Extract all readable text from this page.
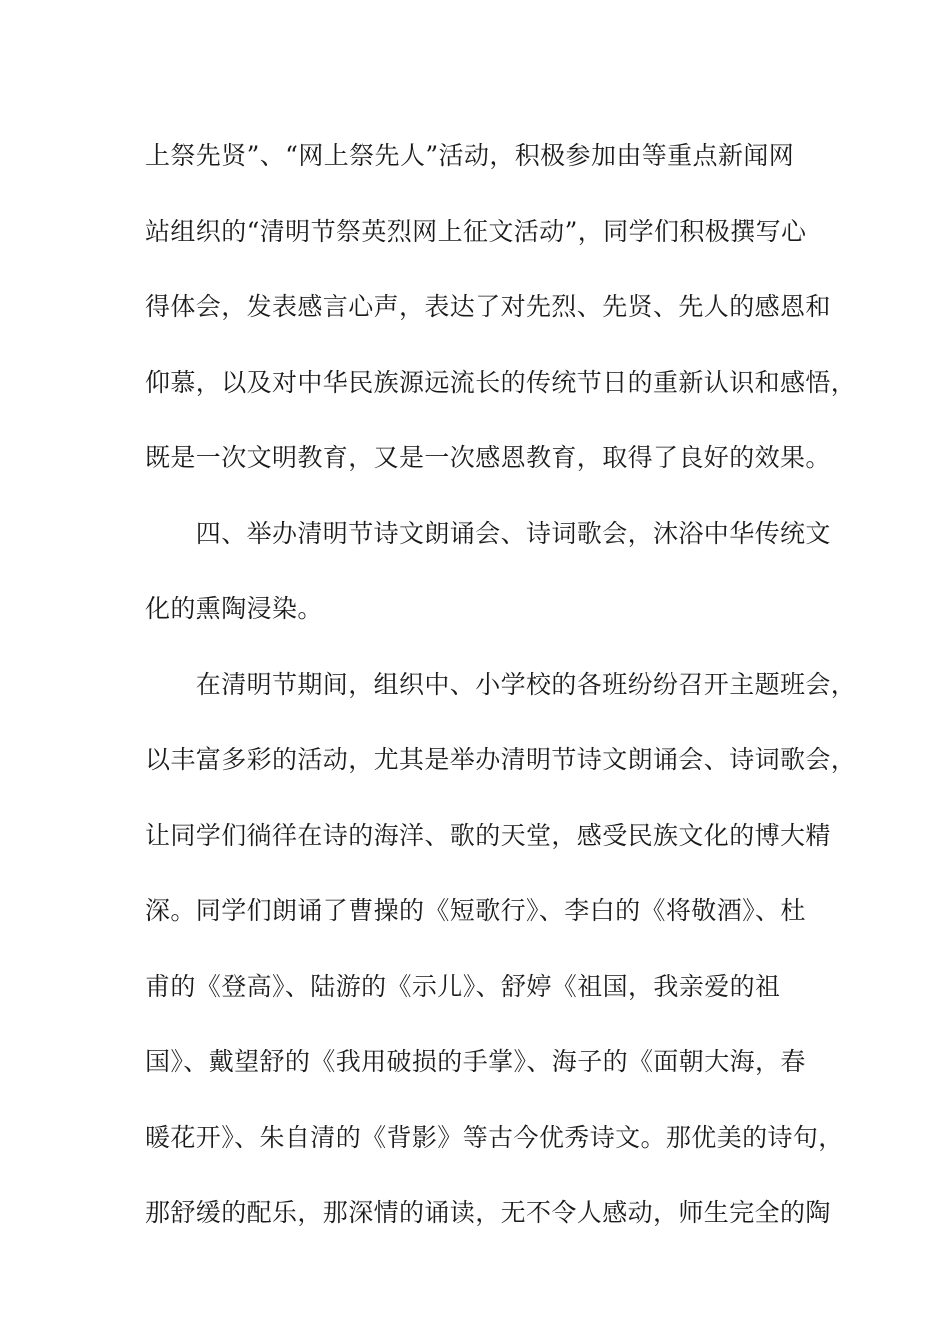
上祭先贤”、“网上祭先人”活动，积极参加由等重点新闻网
站组织的“清明节祭英烈网上征文活动”，同学们积极撰写心
得体会，发表感言心声，表达了对先烈、先贤、先人的感恩和
仰慕，以及对中华民族源远流长的传统节日的重新认识和感悟，
既是一次文明教育，又是一次感恩教育，取得了良好的效果。
　　四、举办清明节诗文朗诵会、诗词歌会，沐浴中华传统文
化的熏陶浸染。
　　在清明节期间，组织中、小学校的各班纷纷召开主题班会，
以丰富多彩的活动，尤其是举办清明节诗文朗诵会、诗词歌会，
让同学们徜徉在诗的海洋、歌的天堂，感受民族文化的博大精
深。同学们朗诵了曹操的《短歌行》、李白的《将敬酒》、杜
甫的《登高》、陆游的《示儿》、舒婷《祖国，我亲爱的祖
国》、戴望舒的《我用破损的手掌》、海子的《面朝大海，春
暖花开》、朱自清的《背影》等古今优秀诗文。那优美的诗句，
那舒缓的配乐，那深情的诵读，无不令人感动，师生完全的陶
